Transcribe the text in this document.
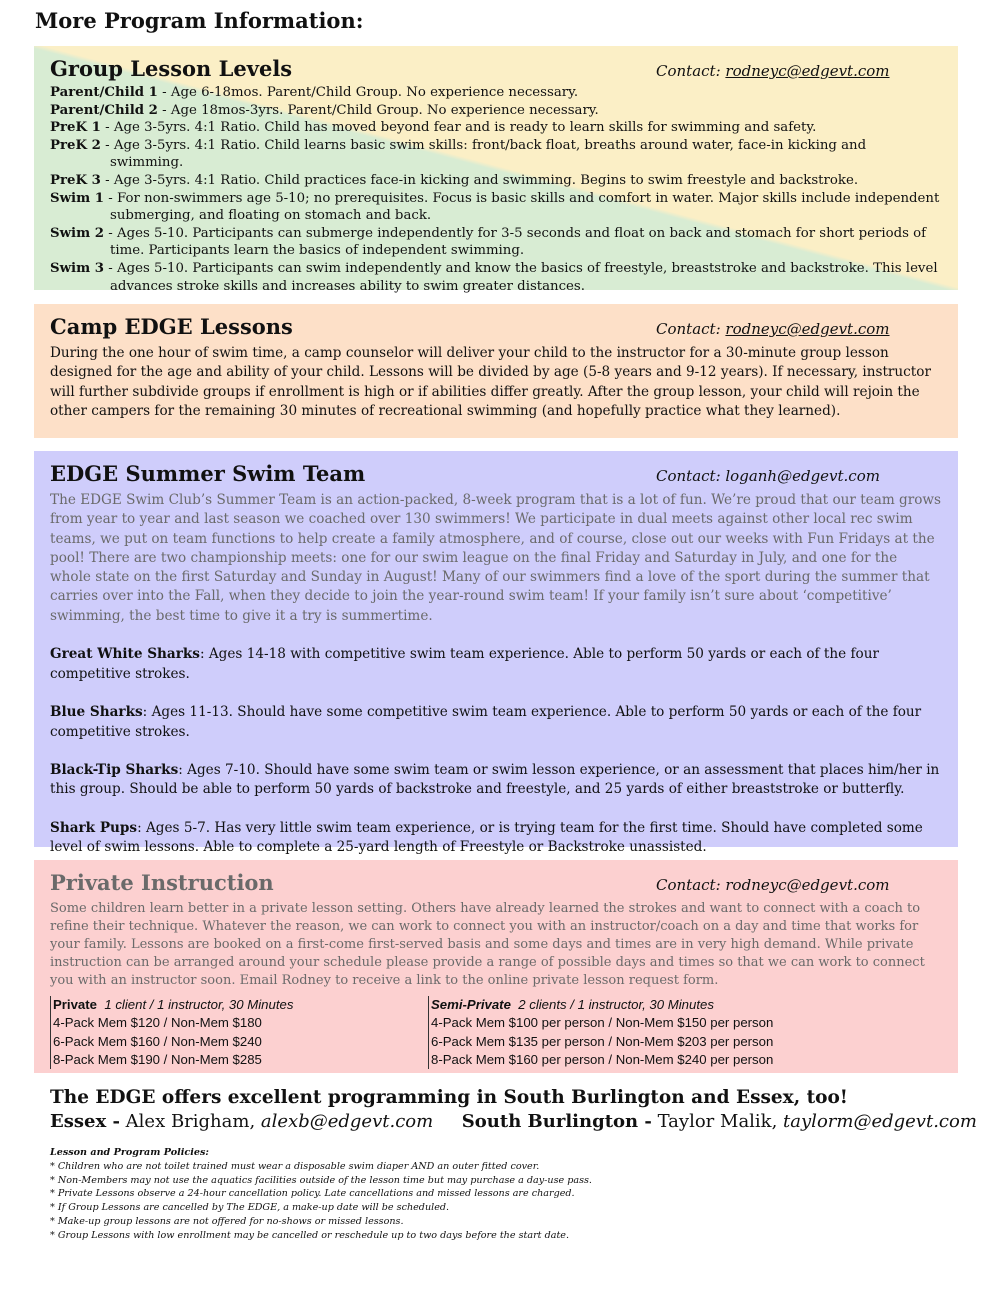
More Program Information:
Group Lesson Levels	Contact: rodneyc@edgevt.com
Parent/Child 1 - Age 6-18mos. Parent/Child Group. No experience necessary.
Parent/Child 2 - Age 18mos-3yrs. Parent/Child Group. No experience necessary.
PreK 1 - Age 3-5yrs. 4:1 Ratio. Child has moved beyond fear and is ready to learn skills for swimming and safety.
PreK 2 - Age 3-5yrs. 4:1 Ratio. Child learns basic swim skills: front/back float, breaths around water, face-in kicking and swimming.
PreK 3 - Age 3-5yrs. 4:1 Ratio. Child practices face-in kicking and swimming. Begins to swim freestyle and backstroke.
Swim 1 - For non-swimmers age 5-10; no prerequisites. Focus is basic skills and comfort in water. Major skills include independent submerging, and floating on stomach and back.
Swim 2 - Ages 5-10. Participants can submerge independently for 3-5 seconds and float on back and stomach for short periods of time. Participants learn the basics of independent swimming.
Swim 3 - Ages 5-10. Participants can swim independently and know the basics of freestyle, breaststroke and backstroke. This level advances stroke skills and increases ability to swim greater distances.
Camp EDGE Lessons	Contact: rodneyc@edgevt.com

During the one hour of swim time, a camp counselor will deliver your child to the instructor for a 30-minute group lesson designed for the age and ability of your child. Lessons will be divided by age (5-8 years and 9-12 years). If necessary, instructor will further subdivide groups if enrollment is high or if abilities differ greatly. After the group lesson, your child will rejoin the other campers for the remaining 30 minutes of recreational swimming (and hopefully practice what they learned).

EDGE Summer Swim Team	Contact: loganh@edgevt.com

The EDGE Swim Club’s Summer Team is an action-packed, 8-week program that is a lot of fun. We’re proud that our team grows from year to year and last season we coached over 130 swimmers! We participate in dual meets against other local rec swim teams, we put on team functions to help create a family atmosphere, and of course, close out our weeks with Fun Fridays at the pool! There are two championship meets: one for our swim league on the final Friday and Saturday in July, and one for the whole state on the first Saturday and Sunday in August! Many of our swimmers find a love of the sport during the summer that carries over into the Fall, when they decide to join the year-round swim team! If your family isn’t sure about ‘competitive’ swimming, the best time to give it a try is summertime.

Great White Sharks: Ages 14-18 with competitive swim team experience. Able to perform 50 yards or each of the four competitive strokes.

Blue Sharks: Ages 11-13. Should have some competitive swim team experience. Able to perform 50 yards or each of the four competitive strokes.

Black-Tip Sharks: Ages 7-10. Should have some swim team or swim lesson experience, or an assessment that places him/her in this group. Should be able to perform 50 yards of backstroke and freestyle, and 25 yards of either breaststroke or butterfly.

Shark Pups: Ages 5-7. Has very little swim team experience, or is trying team for the first time. Should have completed some level of swim lessons. Able to complete a 25-yard length of Freestyle or Backstroke unassisted.

Private Instruction	Contact: rodneyc@edgevt.com

Some children learn better in a private lesson setting. Others have already learned the strokes and want to connect with a coach to refine their technique. Whatever the reason, we can work to connect you with an instructor/coach on a day and time that works for your family. Lessons are booked on a first-come first-served basis and some days and times are in very high demand. While private instruction can be arranged around your schedule please provide a range of possible days and times so that we can work to connect you with an instructor soon. Email Rodney to receive a link to the online private lesson request form.

Private 1 client / 1 instructor, 30 Minutes
4-Pack Mem $120 / Non-Mem $180
6-Pack Mem $160 / Non-Mem $240
8-Pack Mem $190 / Non-Mem $285
Semi-Private 2 clients / 1 instructor, 30 Minutes
4-Pack Mem $100 per person / Non-Mem $150 per person
6-Pack Mem $135 per person / Non-Mem $203 per person
8-Pack Mem $160 per person / Non-Mem $240 per person
The EDGE offers excellent programming in South Burlington and Essex, too!
Essex - Alex Brigham, alexb@edgevt.com South Burlington - Taylor Malik, taylorm@edgevt.com
Lesson and Program Policies:
* Children who are not toilet trained must wear a disposable swim diaper AND an outer fitted cover.
* Non-Members may not use the aquatics facilities outside of the lesson time but may purchase a day-use pass.
* Private Lessons observe a 24-hour cancellation policy. Late cancellations and missed lessons are charged.
* If Group Lessons are cancelled by The EDGE, a make-up date will be scheduled.
* Make-up group lessons are not offered for no-shows or missed lessons.
* Group Lessons with low enrollment may be cancelled or reschedule up to two days before the start date.
